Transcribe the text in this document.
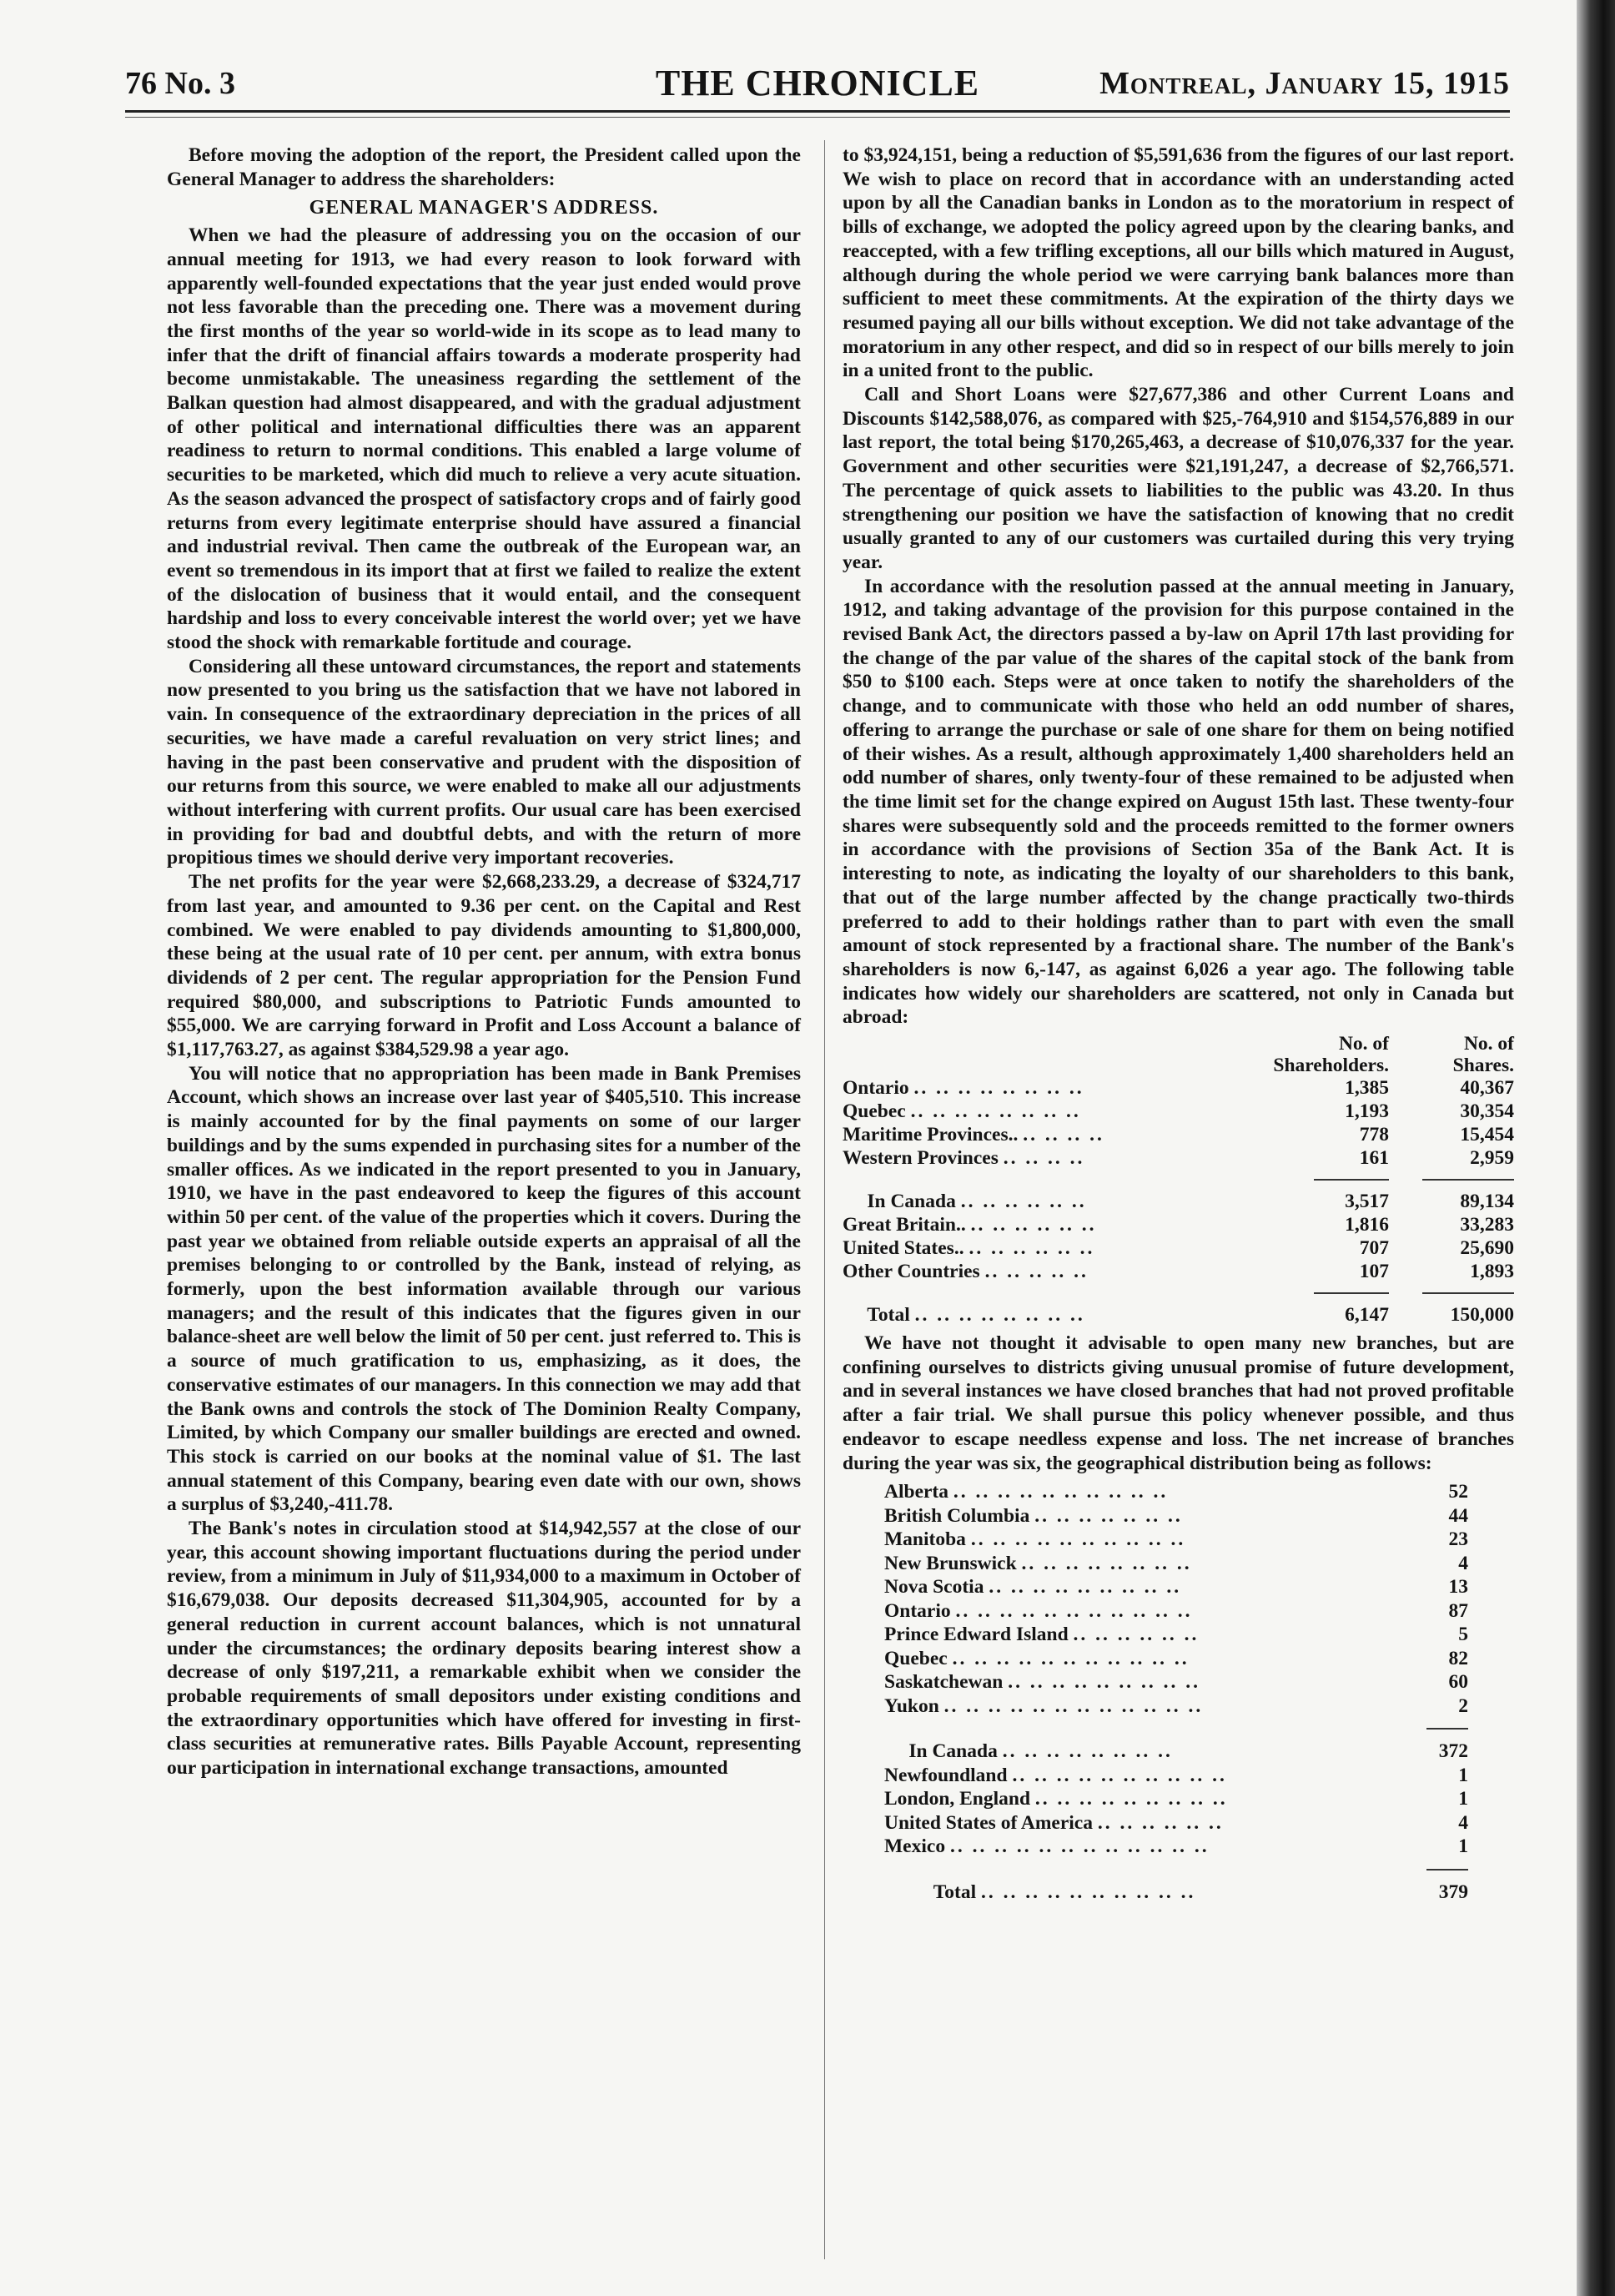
76 No. 3	THE CHRONICLE	Montreal, January 15, 1915

Before moving the adoption of the report, the President called upon the General Manager to address the shareholders:

GENERAL MANAGER'S ADDRESS.

When we had the pleasure of addressing you on the occasion of our annual meeting for 1913, we had every reason to look forward with apparently well-founded expectations that the year just ended would prove not less favorable than the preceding one. There was a movement during the first months of the year so world-wide in its scope as to lead many to infer that the drift of financial affairs towards a moderate prosperity had become unmistakable. The uneasiness regarding the settlement of the Balkan question had almost disappeared, and with the gradual adjustment of other political and international difficulties there was an apparent readiness to return to normal conditions. This enabled a large volume of securities to be marketed, which did much to relieve a very acute situation. As the season advanced the prospect of satisfactory crops and of fairly good returns from every legitimate enterprise should have assured a financial and industrial revival. Then came the outbreak of the European war, an event so tremendous in its import that at first we failed to realize the extent of the dislocation of business that it would entail, and the consequent hardship and loss to every conceivable interest the world over; yet we have stood the shock with remarkable fortitude and courage.

Considering all these untoward circumstances, the report and statements now presented to you bring us the satisfaction that we have not labored in vain. In consequence of the extraordinary depreciation in the prices of all securities, we have made a careful revaluation on very strict lines; and having in the past been conservative and prudent with the disposition of our returns from this source, we were enabled to make all our adjustments without interfering with current profits. Our usual care has been exercised in providing for bad and doubtful debts, and with the return of more propitious times we should derive very important recoveries.

The net profits for the year were $2,668,233.29, a decrease of $324,717 from last year, and amounted to 9.36 per cent. on the Capital and Rest combined. We were enabled to pay dividends amounting to $1,800,000, these being at the usual rate of 10 per cent. per annum, with extra bonus dividends of 2 per cent. The regular appropriation for the Pension Fund required $80,000, and subscriptions to Patriotic Funds amounted to $55,000. We are carrying forward in Profit and Loss Account a balance of $1,117,763.27, as against $384,529.98 a year ago.

You will notice that no appropriation has been made in Bank Premises Account, which shows an increase over last year of $405,510. This increase is mainly accounted for by the final payments on some of our larger buildings and by the sums expended in purchasing sites for a number of the smaller offices. As we indicated in the report presented to you in January, 1910, we have in the past endeavored to keep the figures of this account within 50 per cent. of the value of the properties which it covers. During the past year we obtained from reliable outside experts an appraisal of all the premises belonging to or controlled by the Bank, instead of relying, as formerly, upon the best information available through our various managers; and the result of this indicates that the figures given in our balance-sheet are well below the limit of 50 per cent. just referred to. This is a source of much gratification to us, emphasizing, as it does, the conservative estimates of our managers. In this connection we may add that the Bank owns and controls the stock of The Dominion Realty Company, Limited, by which Company our smaller buildings are erected and owned. This stock is carried on our books at the nominal value of $1. The last annual statement of this Company, bearing even date with our own, shows a surplus of $3,240,-411.78.

The Bank's notes in circulation stood at $14,942,557 at the close of our year, this account showing important fluctuations during the period under review, from a minimum in July of $11,934,000 to a maximum in October of $16,679,038. Our deposits decreased $11,304,905, accounted for by a general reduction in current account balances, which is not unnatural under the circumstances; the ordinary deposits bearing interest show a decrease of only $197,211, a remarkable exhibit when we consider the probable requirements of small depositors under existing conditions and the extraordinary opportunities which have offered for investing in first-class securities at remunerative rates. Bills Payable Account, representing our participation in international exchange transactions, amounted

to $3,924,151, being a reduction of $5,591,636 from the figures of our last report. We wish to place on record that in accordance with an understanding acted upon by all the Canadian banks in London as to the moratorium in respect of bills of exchange, we adopted the policy agreed upon by the clearing banks, and reaccepted, with a few trifling exceptions, all our bills which matured in August, although during the whole period we were carrying bank balances more than sufficient to meet these commitments. At the expiration of the thirty days we resumed paying all our bills without exception. We did not take advantage of the moratorium in any other respect, and did so in respect of our bills merely to join in a united front to the public.

Call and Short Loans were $27,677,386 and other Current Loans and Discounts $142,588,076, as compared with $25,-764,910 and $154,576,889 in our last report, the total being $170,265,463, a decrease of $10,076,337 for the year. Government and other securities were $21,191,247, a decrease of $2,766,571. The percentage of quick assets to liabilities to the public was 43.20. In thus strengthening our position we have the satisfaction of knowing that no credit usually granted to any of our customers was curtailed during this very trying year.

In accordance with the resolution passed at the annual meeting in January, 1912, and taking advantage of the provision for this purpose contained in the revised Bank Act, the directors passed a by-law on April 17th last providing for the change of the par value of the shares of the capital stock of the bank from $50 to $100 each. Steps were at once taken to notify the shareholders of the change, and to communicate with those who held an odd number of shares, offering to arrange the purchase or sale of one share for them on being notified of their wishes. As a result, although approximately 1,400 shareholders held an odd number of shares, only twenty-four of these remained to be adjusted when the time limit set for the change expired on August 15th last. These twenty-four shares were subsequently sold and the proceeds remitted to the former owners in accordance with the provisions of Section 35a of the Bank Act. It is interesting to note, as indicating the loyalty of our shareholders to this bank, that out of the large number affected by the change practically two-thirds preferred to add to their holdings rather than to part with even the small amount of stock represented by a fractional share. The number of the Bank's shareholders is now 6,-147, as against 6,026 a year ago. The following table indicates how widely our shareholders are scattered, not only in Canada but abroad:

	No. of	No. of
	Shareholders.	Shares.
Ontario .. .. .. .. .. .. .. ..	1,385	40,367
Quebec .. .. .. .. .. .. .. ..	1,193	30,354
Maritime Provinces.. .. .. .. ..	778	15,454
Western Provinces .. .. .. ..	161	2,959

In Canada .. .. .. .. .. ..	3,517	89,134
Great Britain.. .. .. .. .. .. ..	1,816	33,283
United States.. .. .. .. .. .. ..	707	25,690
Other Countries .. .. .. .. ..	107	1,893

Total .. .. .. .. .. .. .. ..	6,147	150,000

We have not thought it advisable to open many new branches, but are confining ourselves to districts giving unusual promise of future development, and in several instances we have closed branches that had not proved profitable after a fair trial. We shall pursue this policy whenever possible, and thus endeavor to escape needless expense and loss. The net increase of branches during the year was six, the geographical distribution being as follows:

Alberta .. .. .. .. .. .. .. .. .. ..	52
British Columbia .. .. .. .. .. .. ..	44
Manitoba .. .. .. .. .. .. .. .. .. ..	23
New Brunswick .. .. .. .. .. .. .. ..	4
Nova Scotia .. .. .. .. .. .. .. .. ..	13
Ontario .. .. .. .. .. .. .. .. .. .. ..	87
Prince Edward Island .. .. .. .. .. ..	5
Quebec .. .. .. .. .. .. .. .. .. .. ..	82
Saskatchewan .. .. .. .. .. .. .. .. ..	60
Yukon .. .. .. .. .. .. .. .. .. .. .. ..	2

In Canada .. .. .. .. .. .. .. ..	372
Newfoundland .. .. .. .. .. .. .. .. .. ..	1
London, England .. .. .. .. .. .. .. .. ..	1
United States of America .. .. .. .. .. ..	4
Mexico .. .. .. .. .. .. .. .. .. .. .. ..	1

Total .. .. .. .. .. .. .. .. .. ..	379
